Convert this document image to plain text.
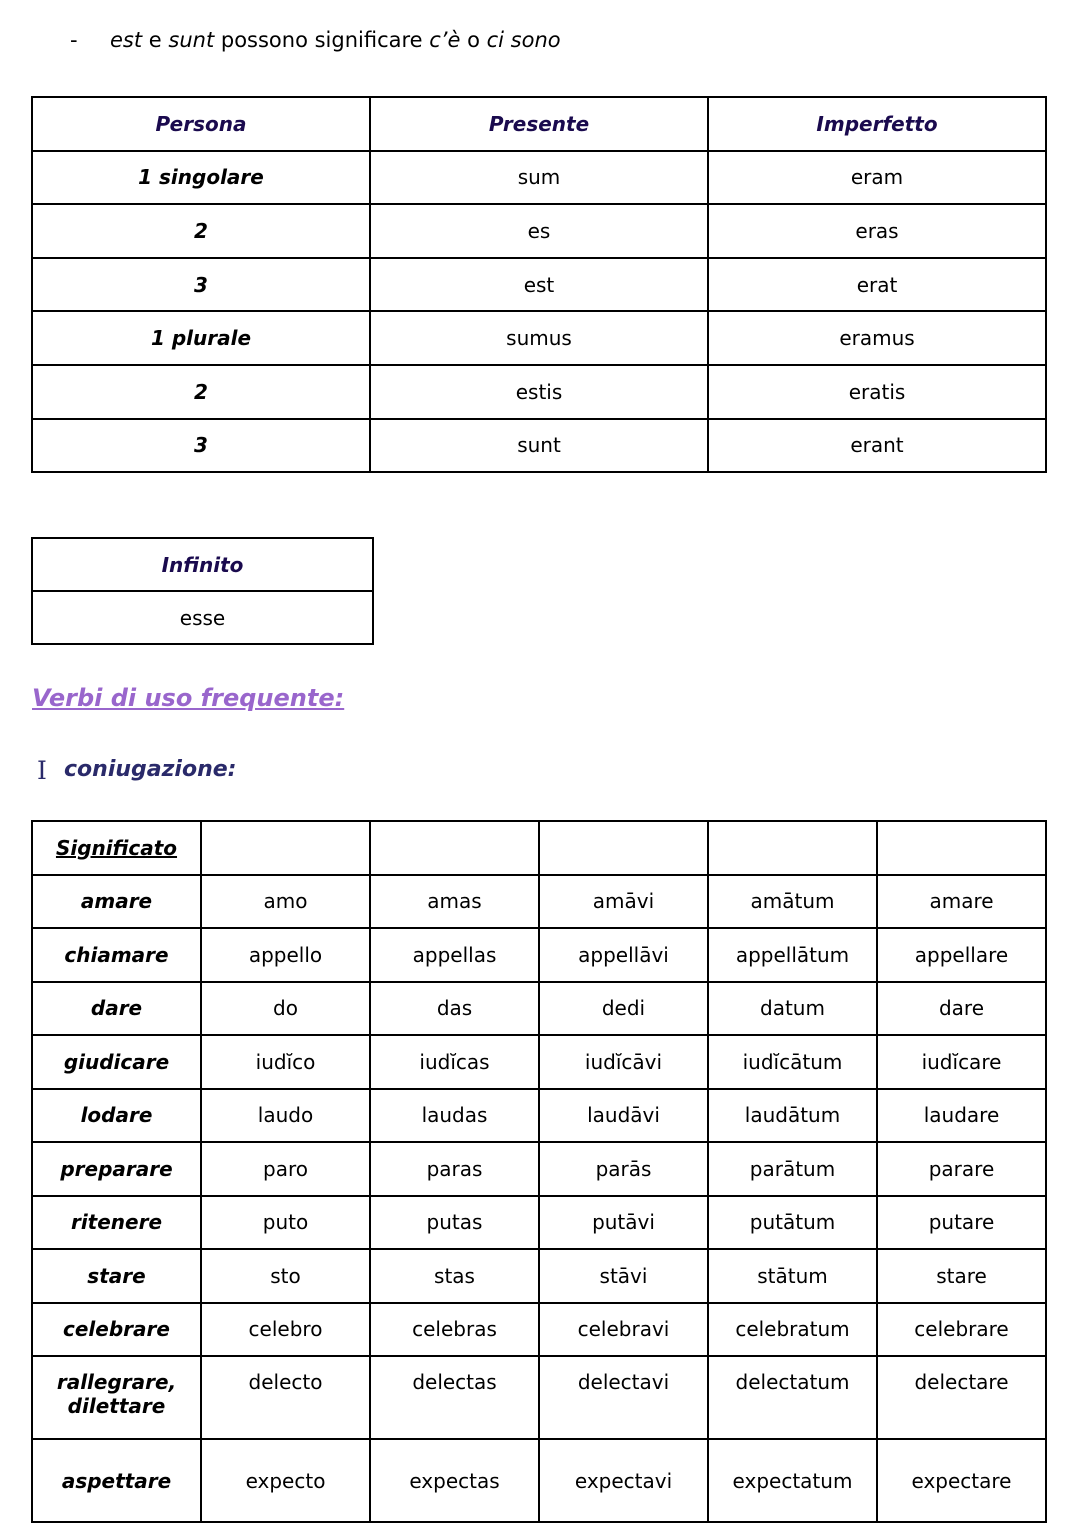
- est e sunt possono significare c’è o ci sono
Persona	Presente	Imperfetto
1 singolare	sum	eram
2	es	eras
3	est	erat
1 plurale	sumus	eramus
2	estis	eratis
3	sunt	erant
Infinito
esse
Verbi di uso frequente:
I coniugazione:
Significato					
amare	amo	amas	amāvi	amātum	amare
chiamare	appello	appellas	appellāvi	appellātum	appellare
dare	do	das	dedi	datum	dare
giudicare	iudĭco	iudĭcas	iudĭcāvi	iudĭcātum	iudĭcare
lodare	laudo	laudas	laudāvi	laudātum	laudare
preparare	paro	paras	parās	parātum	parare
ritenere	puto	putas	putāvi	putātum	putare
stare	sto	stas	stāvi	stātum	stare
celebrare	celebro	celebras	celebravi	celebratum	celebrare
rallegrare, dilettare	delecto	delectas	delectavi	delectatum	delectare
aspettare	expecto	expectas	expectavi	expectatum	expectare
